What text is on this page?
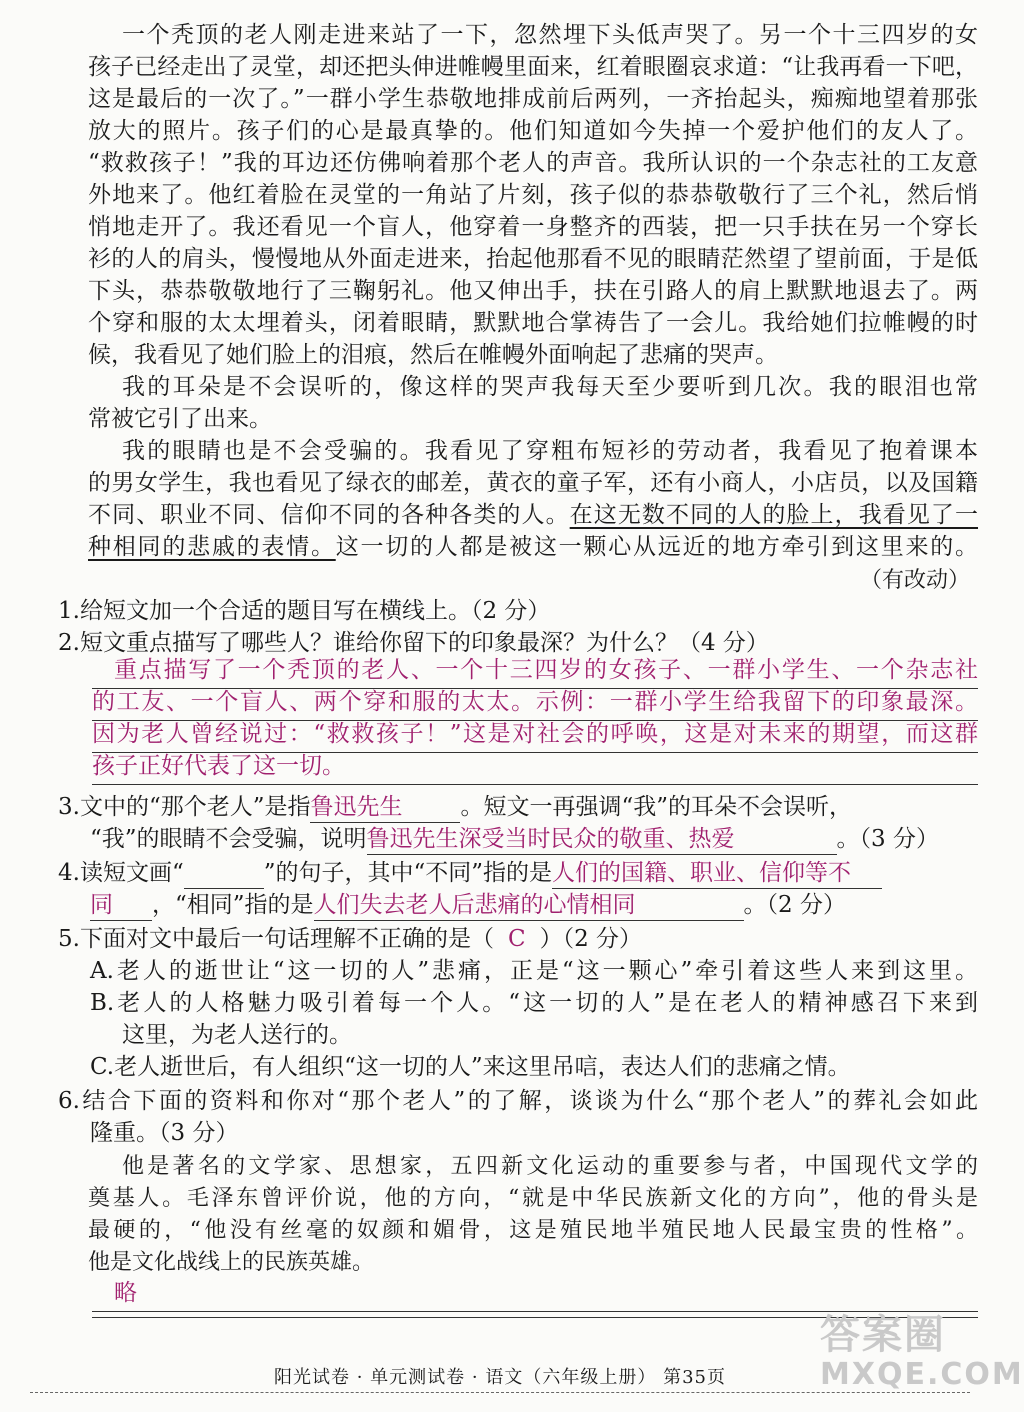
一个秃顶的老人刚走进来站了一下，忽然埋下头低声哭了。另一个十三四岁的女
孩子已经走出了灵堂，却还把头伸进帷幔里面来，红着眼圈哀求道：“让我再看一下吧，
这是最后的一次了。”一群小学生恭敬地排成前后两列，一齐抬起头，痴痴地望着那张
放大的照片。孩子们的心是最真挚的。他们知道如今失掉一个爱护他们的友人了。
“救救孩子！”我的耳边还仿佛响着那个老人的声音。我所认识的一个杂志社的工友意
外地来了。他红着脸在灵堂的一角站了片刻，孩子似的恭恭敬敬行了三个礼，然后悄
悄地走开了。我还看见一个盲人，他穿着一身整齐的西装，把一只手扶在另一个穿长
衫的人的肩头，慢慢地从外面走进来，抬起他那看不见的眼睛茫然望了望前面，于是低
下头，恭恭敬敬地行了三鞠躬礼。他又伸出手，扶在引路人的肩上默默地退去了。两
个穿和服的太太埋着头，闭着眼睛，默默地合掌祷告了一会儿。我给她们拉帷幔的时
候，我看见了她们脸上的泪痕，然后在帷幔外面响起了悲痛的哭声。
我的耳朵是不会误听的，像这样的哭声我每天至少要听到几次。我的眼泪也常
常被它引了出来。
我的眼睛也是不会受骗的。我看见了穿粗布短衫的劳动者，我看见了抱着课本
的男女学生，我也看见了绿衣的邮差，黄衣的童子军，还有小商人，小店员，以及国籍
不同、职业不同、信仰不同的各种各类的人。在这无数不同的人的脸上，我看见了一
种相同的悲戚的表情。这一切的人都是被这一颗心从远近的地方牵引到这里来的。
（有改动）
1.给短文加一个合适的题目写在横线上。（2 分）
2.短文重点描写了哪些人？谁给你留下的印象最深？为什么？（4 分）
重点描写了一个秃顶的老人、一个十三四岁的女孩子、一群小学生、一个杂志社
的工友、一个盲人、两个穿和服的太太。示例：一群小学生给我留下的印象最深。
因为老人曾经说过：“救救孩子！”这是对社会的呼唤，这是对未来的期望，而这群
孩子正好代表了这一切。
3.文中的“那个老人”是指鲁迅先生	。短文一再强调“我”的耳朵不会误听，
“我”的眼睛不会受骗，说明鲁迅先生深受当时民众的敬重、热爱	。（3 分）
4.读短文画“	”的句子，其中“不同”指的是人们的国籍、职业、信仰等不
同 ，“相同”指的是人们失去老人后悲痛的心情相同	。（2 分）
5.下面对文中最后一句话理解不正确的是（ C ）（2 分）
A.老人的逝世让“这一切的人”悲痛，正是“这一颗心”牵引着这些人来到这里。
B.老人的人格魅力吸引着每一个人。“这一切的人”是在老人的精神感召下来到
这里，为老人送行的。
C.老人逝世后，有人组织“这一切的人”来这里吊唁，表达人们的悲痛之情。
6.结合下面的资料和你对“那个老人”的了解，谈谈为什么“那个老人”的葬礼会如此
隆重。（3 分）
他是著名的文学家、思想家，五四新文化运动的重要参与者，中国现代文学的
奠基人。毛泽东曾评价说，他的方向，“就是中华民族新文化的方向”，他的骨头是
最硬的，“他没有丝毫的奴颜和媚骨，这是殖民地半殖民地人民最宝贵的性格”。
他是文化战线上的民族英雄。
略
阳光试卷 · 单元测试卷 · 语文（六年级上册） 第35页
答案圈
MXQE.COM
